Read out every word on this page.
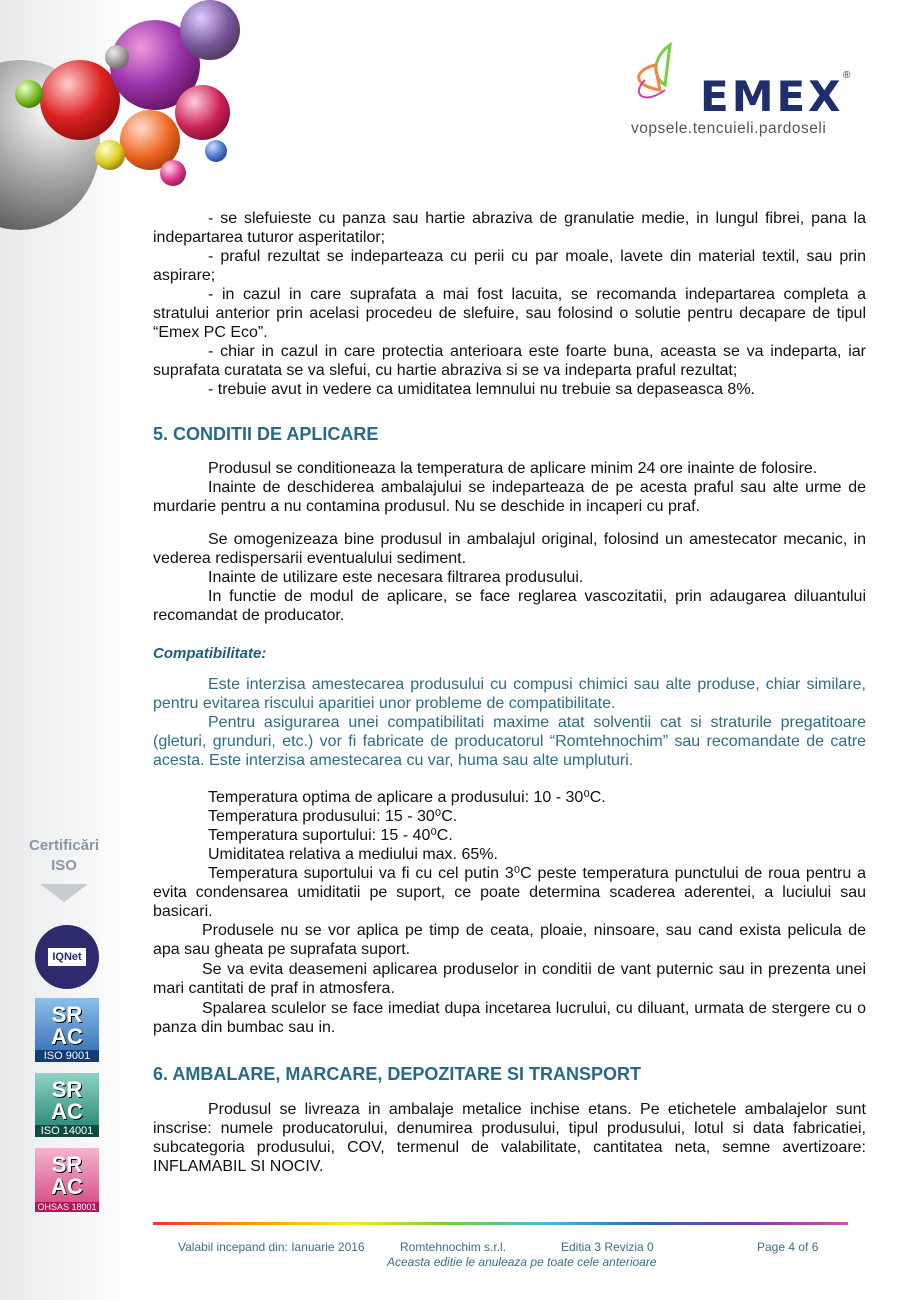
EMEX ®
vopsele.tencuieli.pardoseli
- se slefuieste cu panza sau hartie abraziva de granulatie medie, in lungul fibrei, pana la indepartarea tuturor asperitatilor;
- praful rezultat se indeparteaza cu perii cu par moale, lavete din material textil, sau prin aspirare;
- in cazul in care suprafata a mai fost lacuita, se recomanda indepartarea completa a stratului anterior prin acelasi procedeu de slefuire, sau folosind o solutie pentru decapare de tipul “Emex PC Eco”.
- chiar in cazul in care protectia anterioara este foarte buna, aceasta se va indeparta, iar suprafata curatata se va slefui, cu hartie abraziva si se va indeparta praful rezultat;
- trebuie avut in vedere ca umiditatea lemnului nu trebuie sa depaseasca 8%.
5. CONDITII DE APLICARE
Produsul se conditioneaza la temperatura de aplicare minim 24 ore inainte de folosire.
Inainte de deschiderea ambalajului se indeparteaza de pe acesta praful sau alte urme de murdarie pentru a nu contamina produsul. Nu se deschide in incaperi cu praf.
Se omogenizeaza bine produsul in ambalajul original, folosind un amestecator mecanic, in vederea redispersarii eventualului sediment.
Inainte de utilizare este necesara filtrarea produsului.
In functie de modul de aplicare, se face reglarea vascozitatii, prin adaugarea diluantului recomandat de producator.
Compatibilitate:
Este interzisa amestecarea produsului cu compusi chimici sau alte produse, chiar similare, pentru evitarea riscului aparitiei unor probleme de compatibilitate.
Pentru asigurarea unei compatibilitati maxime atat solventii cat si straturile pregatitoare (gleturi, grunduri, etc.) vor fi fabricate de producatorul “Romtehnochim” sau recomandate de catre acesta. Este interzisa amestecarea cu var, huma sau alte umpluturi.
Temperatura optima de aplicare a produsului: 10 - 30⁰C.
Temperatura produsului: 15 - 30⁰C.
Temperatura suportului: 15 - 40⁰C.
Umiditatea relativa a mediului max. 65%.
Temperatura suportului va fi cu cel putin 3⁰C peste temperatura punctului de roua pentru a evita condensarea umiditatii pe suport, ce poate determina scaderea aderentei, a luciului sau basicari.
Produsele nu se vor aplica pe timp de ceata, ploaie, ninsoare, sau cand exista pelicula de apa sau gheata pe suprafata suport.
Se va evita deasemeni aplicarea produselor in conditii de vant puternic sau in prezenta unei mari cantitati de praf in atmosfera.
Spalarea sculelor se face imediat dupa incetarea lucrului, cu diluant, urmata de stergere cu o panza din bumbac sau in.
6. AMBALARE, MARCARE, DEPOZITARE SI TRANSPORT
Produsul se livreaza in ambalaje metalice inchise etans. Pe etichetele ambalajelor sunt inscrise: numele producatorului, denumirea produsului, tipul produsului, lotul si data fabricatiei, subcategoria produsului, COV, termenul de valabilitate, cantitatea neta, semne avertizoare: INFLAMABIL SI NOCIV.
Certificări
ISO
IQNet
SR AC
ISO 9001
SR AC
ISO 14001
SR AC
OHSAS 18001
Valabil incepand din: Ianuarie 2016	Romtehnochim s.r.l.	Editia 3 Revizia 0	Page 4 of 6
Aceasta editie le anuleaza pe toate cele anterioare
